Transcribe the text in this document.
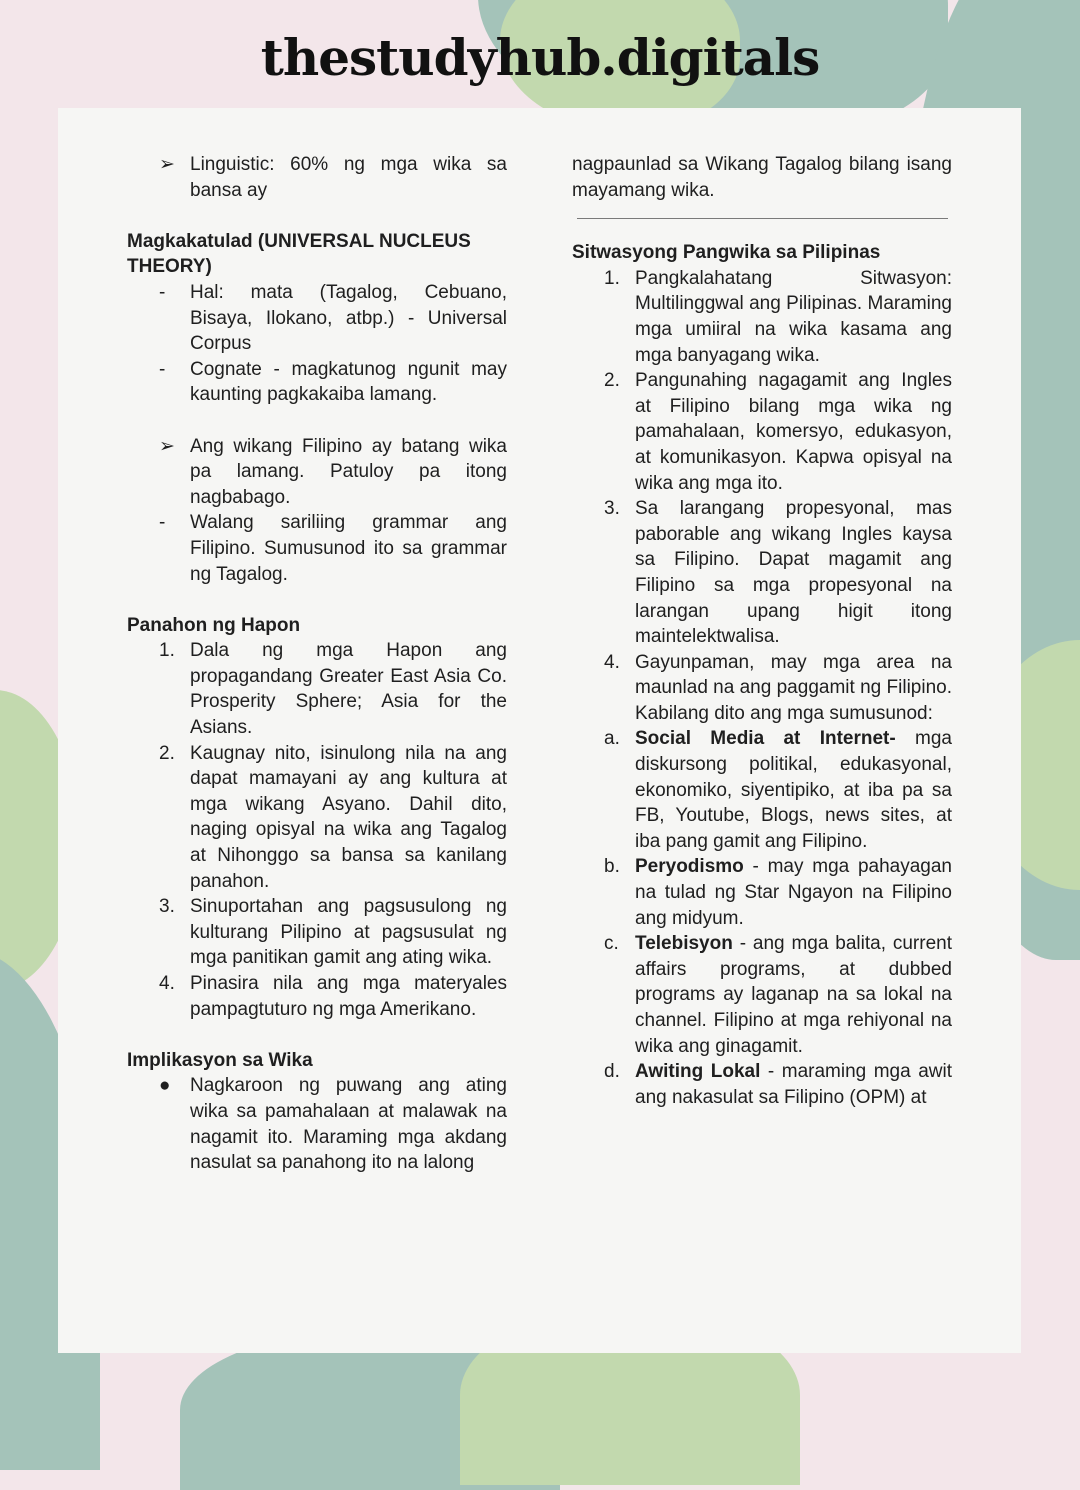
thestudyhub.digitals
➢ Linguistic: 60% ng mga wika sa bansa ay
Magkakatulad (UNIVERSAL NUCLEUS THEORY)
-	Hal: mata (Tagalog, Cebuano, Bisaya, Ilokano, atbp.) - Universal Corpus
-	Cognate - magkatunog ngunit may kaunting pagkakaiba lamang.
➢ Ang wikang Filipino ay batang wika pa lamang. Patuloy pa itong nagbabago.
-	Walang sariliing grammar ang Filipino. Sumusunod ito sa grammar ng Tagalog.
Panahon ng Hapon
1. Dala ng mga Hapon ang propagandang Greater East Asia Co. Prosperity Sphere; Asia for the Asians.
2. Kaugnay nito, isinulong nila na ang dapat mamayani ay ang kultura at mga wikang Asyano. Dahil dito, naging opisyal na wika ang Tagalog at Nihonggo sa bansa sa kanilang panahon.
3. Sinuportahan ang pagsusulong ng kulturang Pilipino at pagsusulat ng mga panitikan gamit ang ating wika.
4. Pinasira nila ang mga materyales pampagtuturo ng mga Amerikano.
Implikasyon sa Wika
●	Nagkaroon ng puwang ang ating wika sa pamahalaan at malawak na nagamit ito. Maraming mga akdang nasulat sa panahong ito na lalong
nagpaunlad sa Wikang Tagalog bilang isang mayamang wika.
Sitwasyong Pangwika sa Pilipinas
1. Pangkalahatang Sitwasyon: Multilinggwal ang Pilipinas. Maraming mga umiiral na wika kasama ang mga banyagang wika.
2. Pangunahing nagagamit ang Ingles at Filipino bilang mga wika ng pamahalaan, komersyo, edukasyon, at komunikasyon. Kapwa opisyal na wika ang mga ito.
3. Sa larangang propesyonal, mas paborable ang wikang Ingles kaysa sa Filipino. Dapat magamit ang Filipino sa mga propesyonal na larangan upang higit itong maintelektwalisa.
4. Gayunpaman, may mga area na maunlad na ang paggamit ng Filipino. Kabilang dito ang mga sumusunod:
a. Social Media at Internet- mga diskursong politikal, edukasyonal, ekonomiko, siyentipiko, at iba pa sa FB, Youtube, Blogs, news sites, at iba pang gamit ang Filipino.
b. Peryodismo - may mga pahayagan na tulad ng Star Ngayon na Filipino ang midyum.
c. Telebisyon - ang mga balita, current affairs programs, at dubbed programs ay laganap na sa lokal na channel. Filipino at mga rehiyonal na wika ang ginagamit.
d. Awiting Lokal - maraming mga awit ang nakasulat sa Filipino (OPM) at
